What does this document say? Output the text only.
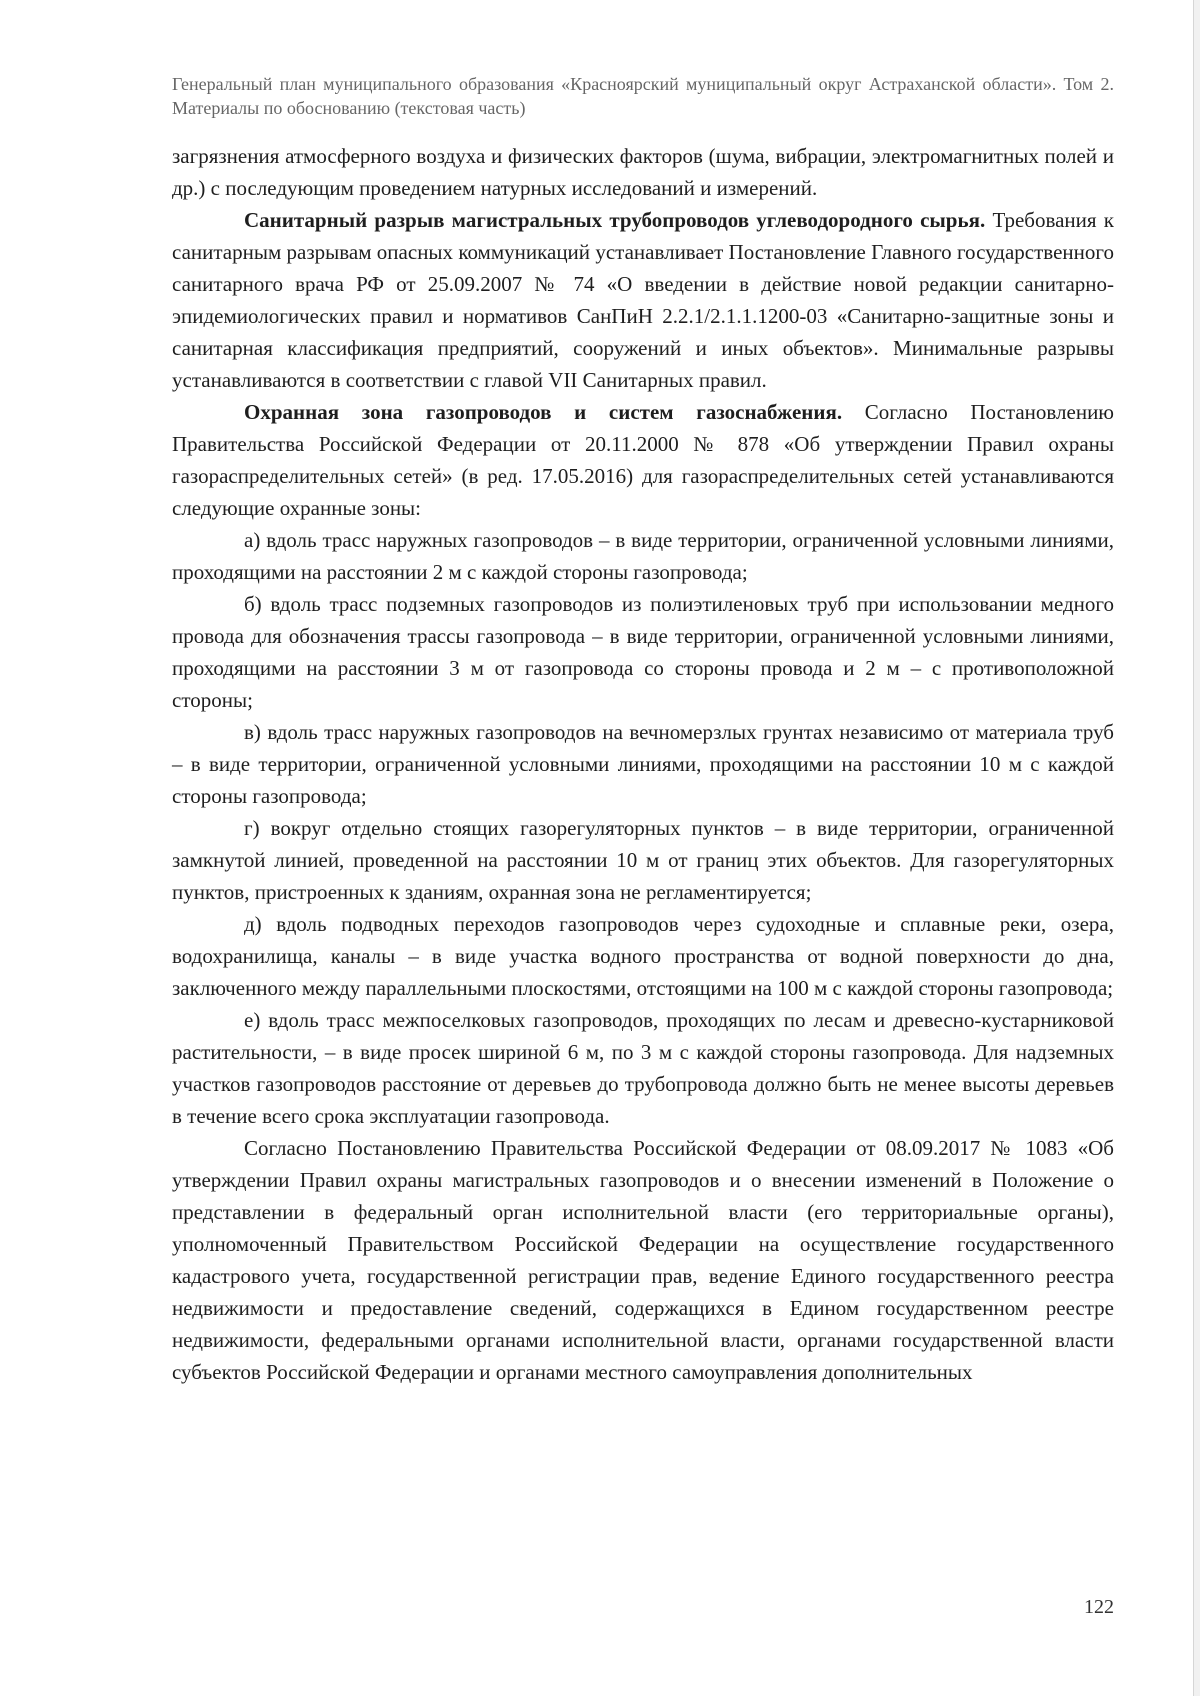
Генеральный план муниципального образования «Красноярский муниципальный округ Астраханской области». Том 2. Материалы по обоснованию (текстовая часть)

загрязнения атмосферного воздуха и физических факторов (шума, вибрации, электромагнитных полей и др.) с последующим проведением натурных исследований и измерений.

Санитарный разрыв магистральных трубопроводов углеводородного сырья. Требования к санитарным разрывам опасных коммуникаций устанавливает Постановление Главного государственного санитарного врача РФ от 25.09.2007 № 74 «О введении в действие новой редакции санитарно-эпидемиологических правил и нормативов СанПиН 2.2.1/2.1.1.1200-03 «Санитарно-защитные зоны и санитарная классификация предприятий, сооружений и иных объектов». Минимальные разрывы устанавливаются в соответствии с главой VII Санитарных правил.

Охранная зона газопроводов и систем газоснабжения. Согласно Постановлению Правительства Российской Федерации от 20.11.2000 № 878 «Об утверждении Правил охраны газораспределительных сетей» (в ред. 17.05.2016) для газораспределительных сетей устанавливаются следующие охранные зоны:

а) вдоль трасс наружных газопроводов – в виде территории, ограниченной условными линиями, проходящими на расстоянии 2 м с каждой стороны газопровода;

б) вдоль трасс подземных газопроводов из полиэтиленовых труб при использовании медного провода для обозначения трассы газопровода – в виде территории, ограниченной условными линиями, проходящими на расстоянии 3 м от газопровода со стороны провода и 2 м – с противоположной стороны;

в) вдоль трасс наружных газопроводов на вечномерзлых грунтах независимо от материала труб – в виде территории, ограниченной условными линиями, проходящими на расстоянии 10 м с каждой стороны газопровода;

г) вокруг отдельно стоящих газорегуляторных пунктов – в виде территории, ограниченной замкнутой линией, проведенной на расстоянии 10 м от границ этих объектов. Для газорегуляторных пунктов, пристроенных к зданиям, охранная зона не регламентируется;

д) вдоль подводных переходов газопроводов через судоходные и сплавные реки, озера, водохранилища, каналы – в виде участка водного пространства от водной поверхности до дна, заключенного между параллельными плоскостями, отстоящими на 100 м с каждой стороны газопровода;

е) вдоль трасс межпоселковых газопроводов, проходящих по лесам и древесно-кустарниковой растительности, – в виде просек шириной 6 м, по 3 м с каждой стороны газопровода. Для надземных участков газопроводов расстояние от деревьев до трубопровода должно быть не менее высоты деревьев в течение всего срока эксплуатации газопровода.

Согласно Постановлению Правительства Российской Федерации от 08.09.2017 № 1083 «Об утверждении Правил охраны магистральных газопроводов и о внесении изменений в Положение о представлении в федеральный орган исполнительной власти (его территориальные органы), уполномоченный Правительством Российской Федерации на осуществление государственного кадастрового учета, государственной регистрации прав, ведение Единого государственного реестра недвижимости и предоставление сведений, содержащихся в Едином государственном реестре недвижимости, федеральными органами исполнительной власти, органами государственной власти субъектов Российской Федерации и органами местного самоуправления дополнительных

122
